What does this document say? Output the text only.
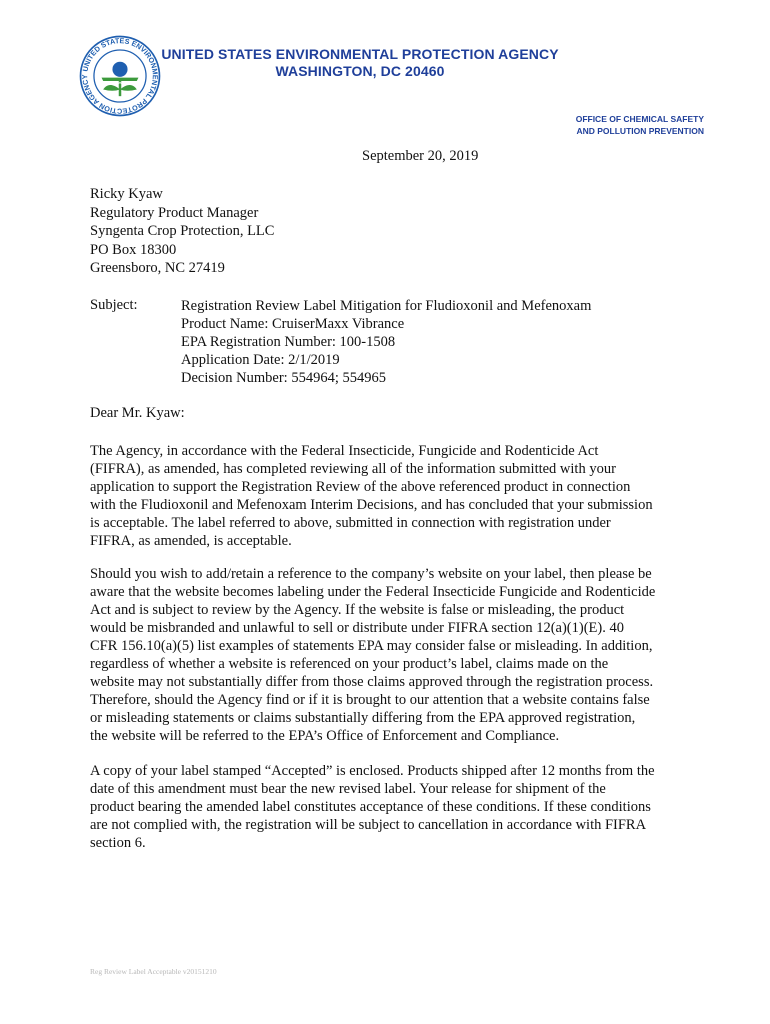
UNITED STATES ENVIRONMENTAL PROTECTION AGENCY
UNITED STATES ENVIRONMENTAL PROTECTION AGENCY
WASHINGTON, DC 20460
OFFICE OF CHEMICAL SAFETY
AND POLLUTION PREVENTION
September 20, 2019
Ricky Kyaw
Regulatory Product Manager
Syngenta Crop Protection, LLC
PO Box 18300
Greensboro, NC 27419
Subject:	Registration Review Label Mitigation for Fludioxonil and Mefenoxam
Product Name: CruiserMaxx Vibrance
EPA Registration Number: 100-1508
Application Date: 2/1/2019
Decision Number: 554964; 554965
Dear Mr. Kyaw:
The Agency, in accordance with the Federal Insecticide, Fungicide and Rodenticide Act
(FIFRA), as amended, has completed reviewing all of the information submitted with your
application to support the Registration Review of the above referenced product in connection
with the Fludioxonil and Mefenoxam Interim Decisions, and has concluded that your submission
is acceptable. The label referred to above, submitted in connection with registration under
FIFRA, as amended, is acceptable.
Should you wish to add/retain a reference to the company’s website on your label, then please be
aware that the website becomes labeling under the Federal Insecticide Fungicide and Rodenticide
Act and is subject to review by the Agency. If the website is false or misleading, the product
would be misbranded and unlawful to sell or distribute under FIFRA section 12(a)(1)(E). 40
CFR 156.10(a)(5) list examples of statements EPA may consider false or misleading. In addition,
regardless of whether a website is referenced on your product’s label, claims made on the
website may not substantially differ from those claims approved through the registration process.
Therefore, should the Agency find or if it is brought to our attention that a website contains false
or misleading statements or claims substantially differing from the EPA approved registration,
the website will be referred to the EPA’s Office of Enforcement and Compliance.
A copy of your label stamped “Accepted” is enclosed. Products shipped after 12 months from the
date of this amendment must bear the new revised label. Your release for shipment of the
product bearing the amended label constitutes acceptance of these conditions. If these conditions
are not complied with, the registration will be subject to cancellation in accordance with FIFRA
section 6.
Reg Review Label Acceptable v20151210
